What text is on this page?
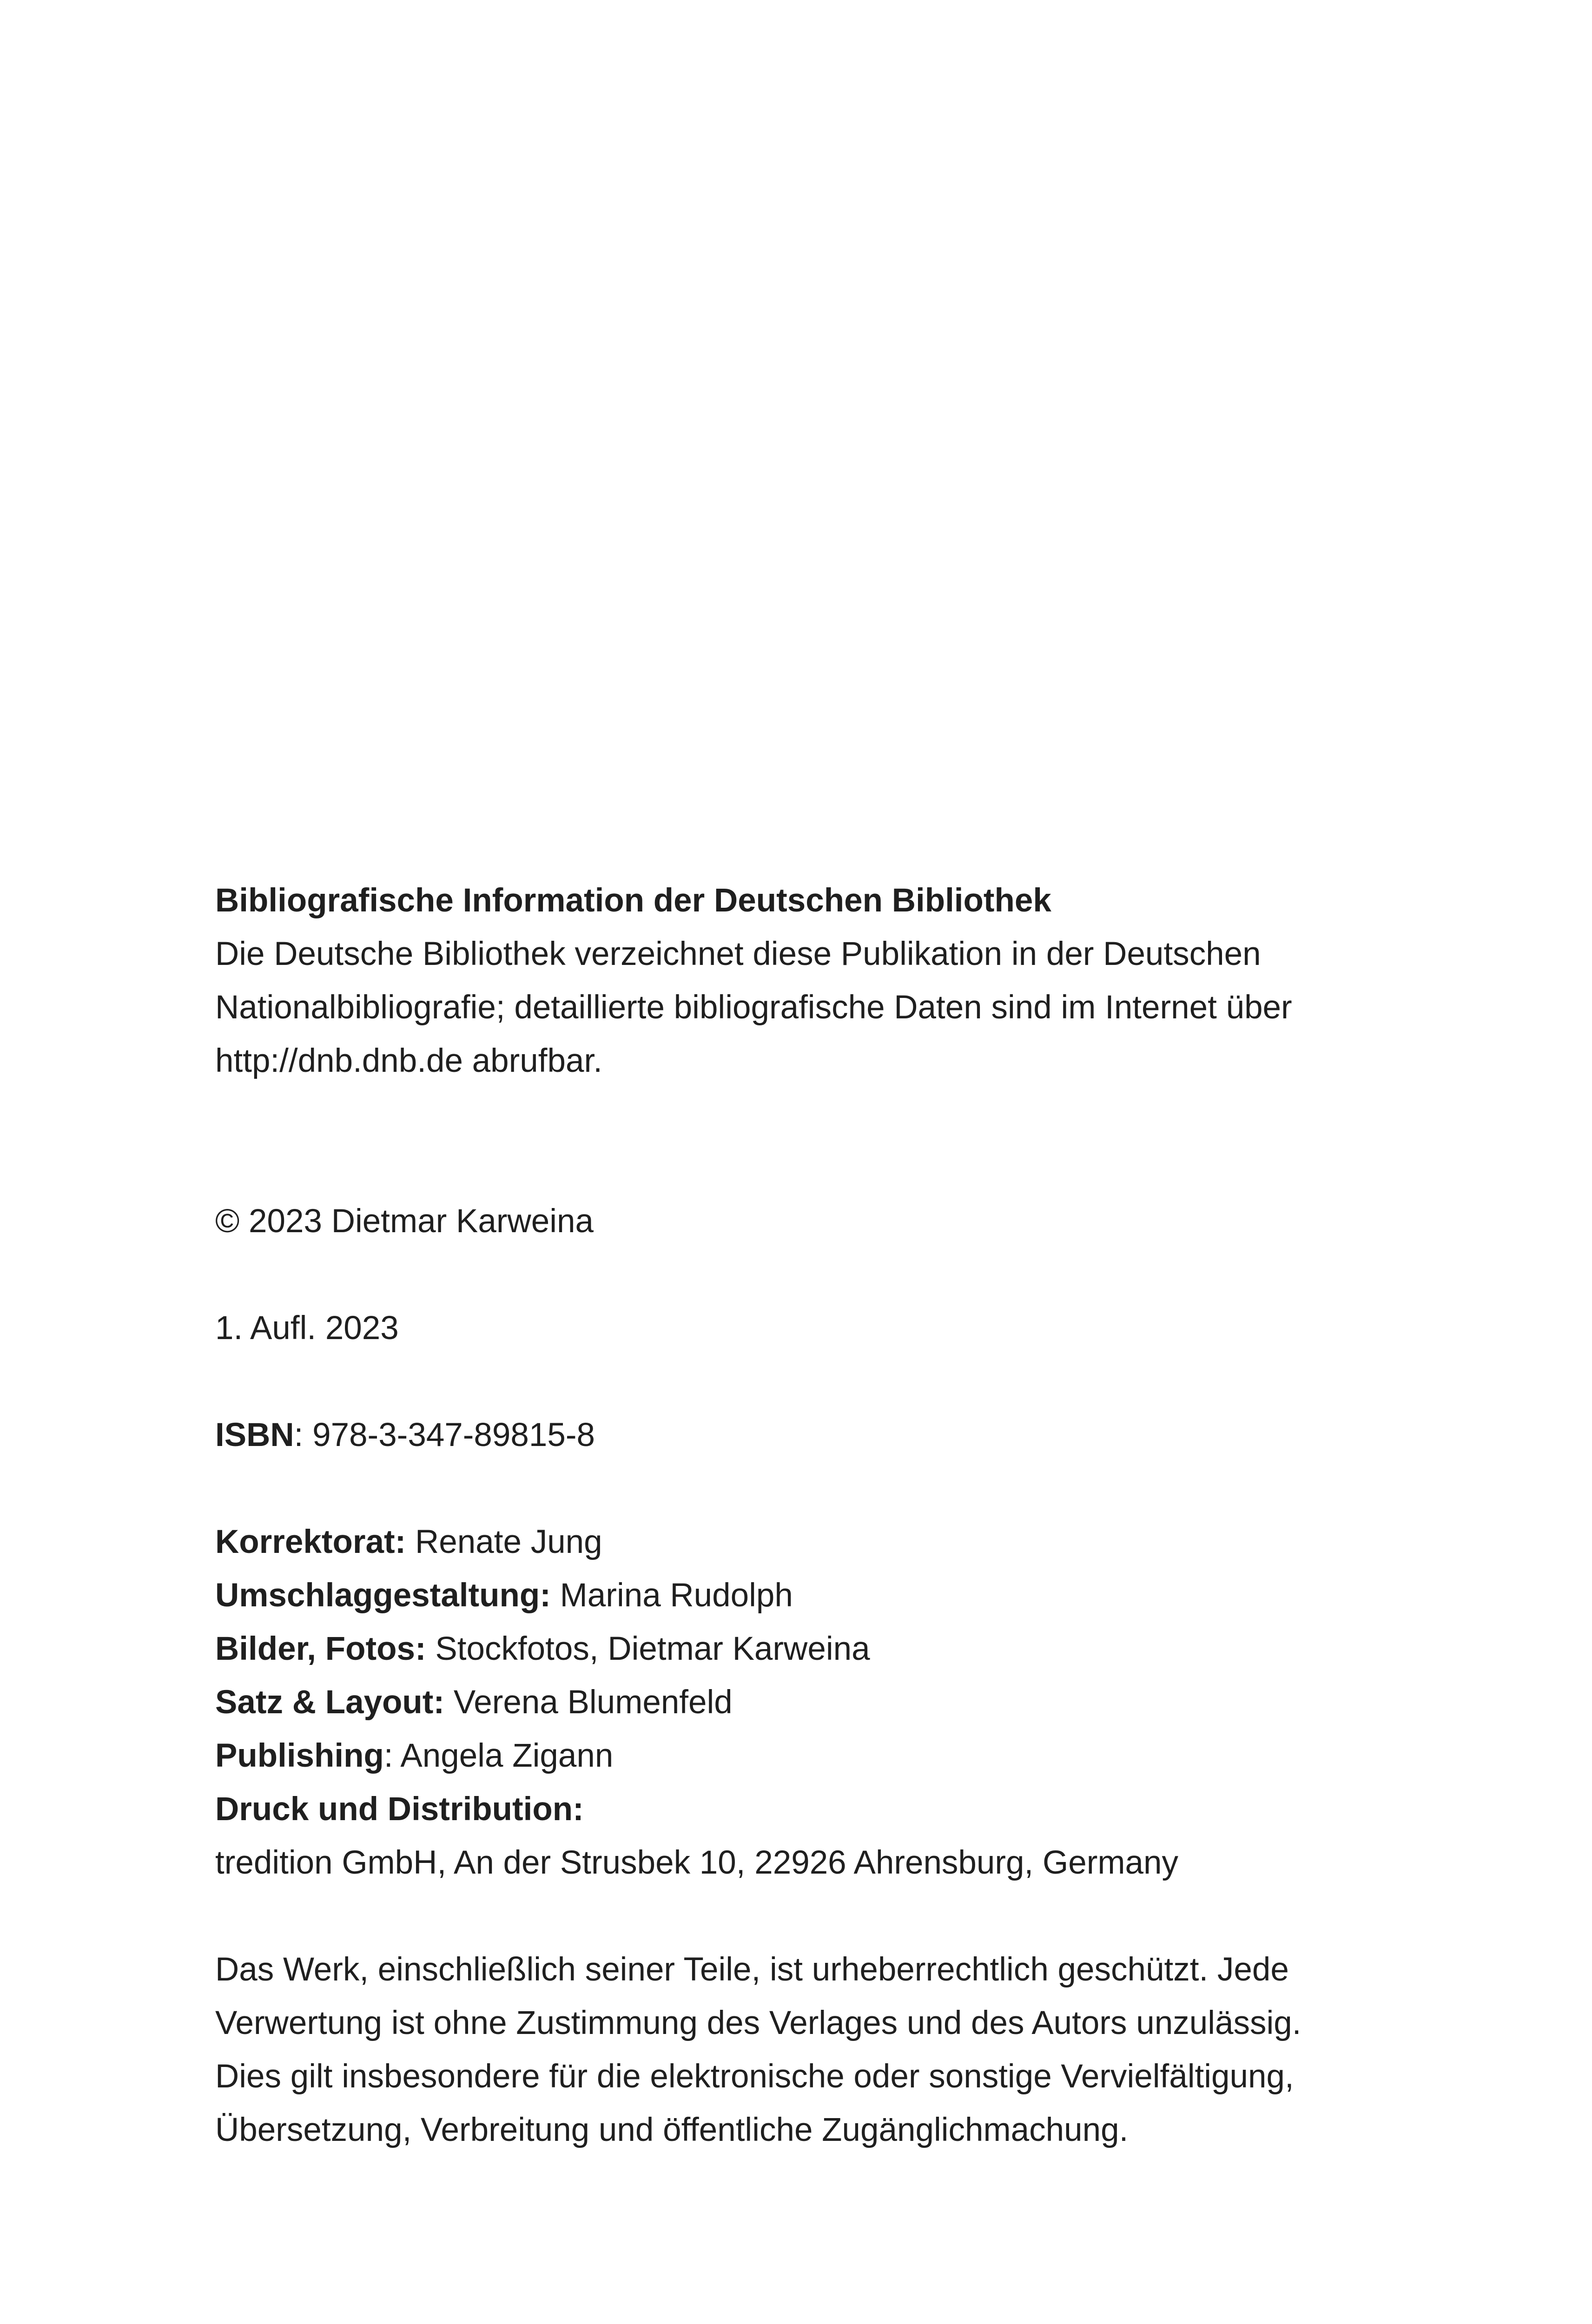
Bibliografische Information der Deutschen Bibliothek
Die Deutsche Bibliothek verzeichnet diese Publikation in der Deutschen
Nationalbibliografie; detaillierte bibliografische Daten sind im Internet über
http://dnb.dnb.de abrufbar.
© 2023 Dietmar Karweina
1. Aufl. 2023
ISBN: 978-3-347-89815-8
Korrektorat: Renate Jung
Umschlaggestaltung: Marina Rudolph
Bilder, Fotos: Stockfotos, Dietmar Karweina
Satz & Layout: Verena Blumenfeld
Publishing: Angela Zigann
Druck und Distribution:
tredition GmbH, An der Strusbek 10, 22926 Ahrensburg, Germany
Das Werk, einschließlich seiner Teile, ist urheberrechtlich geschützt. Jede
Verwertung ist ohne Zustimmung des Verlages und des Autors unzulässig.
Dies gilt insbesondere für die elektronische oder sonstige Vervielfältigung,
Übersetzung, Verbreitung und öffentliche Zugänglichmachung.
